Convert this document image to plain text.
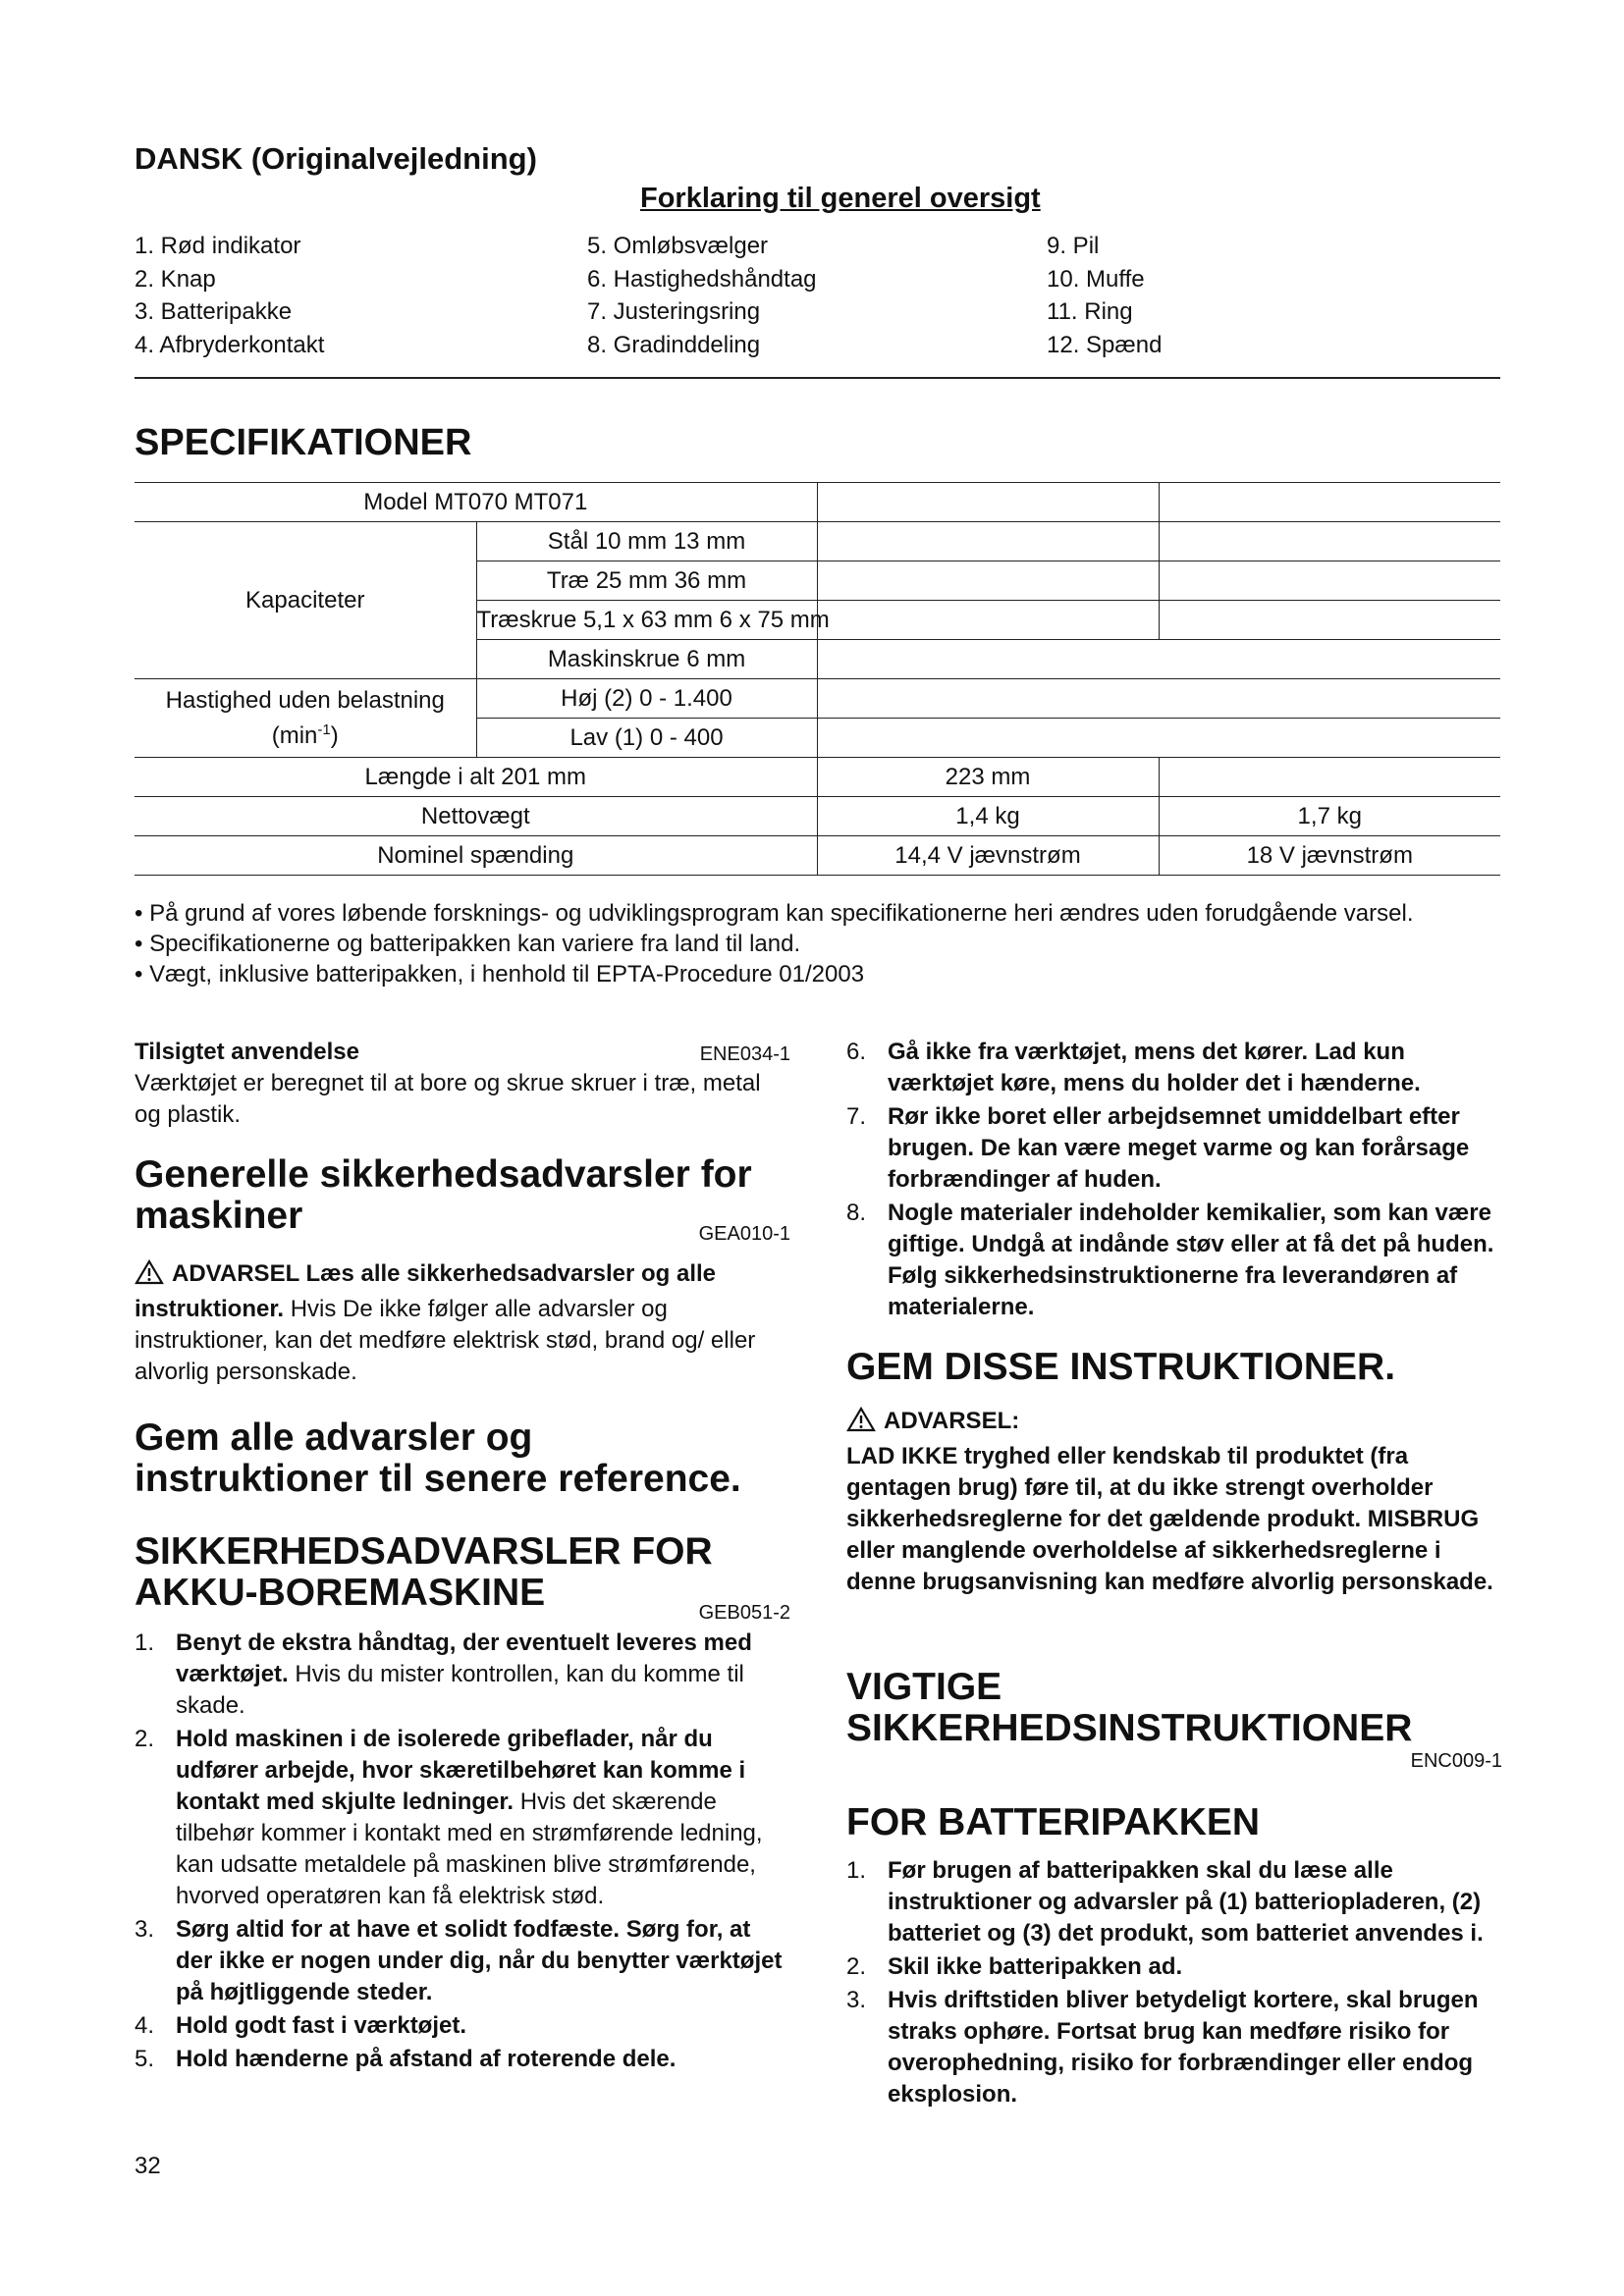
DANSK (Originalvejledning)
Forklaring til generel oversigt
1. Rød indikator
2. Knap
3. Batteripakke
4. Afbryderkontakt
5. Omløbsvælger
6. Hastighedshåndtag
7. Justeringsring
8. Gradinddeling
9. Pil
10. Muffe
11. Ring
12. Spænd
SPECIFIKATIONER
Model MT070 MT071			
Kapaciteter	Stål 10 mm 13 mm		
	Træ 25 mm 36 mm		
	Træskrue 5,1 x 63 mm 6 x 75 mm		
	Maskinskrue 6 mm		

Hastighed uden belastning
$(\min^{-1})$	Høj (2) 0 - 1.400		
	Lav (1) 0 - 400		
Længde i alt 201 mm		223 mm	
Nettovægt		1,4 kg	1,7 kg
Nominel spænding		14,4 V jævnstrøm	18 V jævnstrøm

• På grund af vores løbende forsknings- og udviklingsprogram kan specifikationerne heri ændres uden forudgående varsel.

• Specifikationerne og batteripakken kan variere fra land til land.

• Vægt, inklusive batteripakken, i henhold til EPTA-Procedure 01/2003

Tilsigtet anvendelse	ENE034-1
Værktøjet er beregnet til at bore og skrue skruer i træ, metal og plastik.
Generelle sikkerhedsadvarsler for
maskiner	GEA010-1
ADVARSEL Læs alle sikkerhedsadvarsler og alle instruktioner. Hvis De ikke følger alle advarsler og instruktioner, kan det medføre elektrisk stød, brand og/ eller alvorlig personskade.
Gem alle advarsler og
instruktioner til senere reference.
SIKKERHEDSADVARSLER FOR
AKKU-BOREMASKINE	GEB051-2
1. Benyt de ekstra håndtag, der eventuelt leveres med værktøjet. Hvis du mister kontrollen, kan du komme til skade.
2. Hold maskinen i de isolerede gribeflader, når du udfører arbejde, hvor skæretilbehøret kan komme i kontakt med skjulte ledninger. Hvis det skærende tilbehør kommer i kontakt med en strømførende ledning, kan udsatte metaldele på maskinen blive strømførende, hvorved operatøren kan få elektrisk stød.
3. Sørg altid for at have et solidt fodfæste. Sørg for, at der ikke er nogen under dig, når du benytter værktøjet på højtliggende steder.
4. Hold godt fast i værktøjet.
5. Hold hænderne på afstand af roterende dele.
32
6. Gå ikke fra værktøjet, mens det kører. Lad kun værktøjet køre, mens du holder det i hænderne.
7. Rør ikke boret eller arbejdsemnet umiddelbart efter brugen. De kan være meget varme og kan forårsage forbrændinger af huden.
8. Nogle materialer indeholder kemikalier, som kan være giftige. Undgå at indånde støv eller at få det på huden. Følg sikkerhedsinstruktionerne fra leverandøren af materialerne.
GEM DISSE INSTRUKTIONER.
ADVARSEL:
LAD IKKE tryghed eller kendskab til produktet (fra gentagen brug) føre til, at du ikke strengt overholder sikkerhedsreglerne for det gældende produkt. MISBRUG eller manglende overholdelse af sikkerhedsreglerne i denne brugsanvisning kan medføre alvorlig personskade.
VIGTIGE
SIKKERHEDSINSTRUKTIONER
ENC009-1
FOR BATTERIPAKKEN
1. Før brugen af batteripakken skal du læse alle instruktioner og advarsler på (1) batteriopladeren, (2) batteriet og (3) det produkt, som batteriet anvendes i.
2. Skil ikke batteripakken ad.
3. Hvis driftstiden bliver betydeligt kortere, skal brugen straks ophøre. Fortsat brug kan medføre risiko for overophedning, risiko for forbrændinger eller endog eksplosion.
